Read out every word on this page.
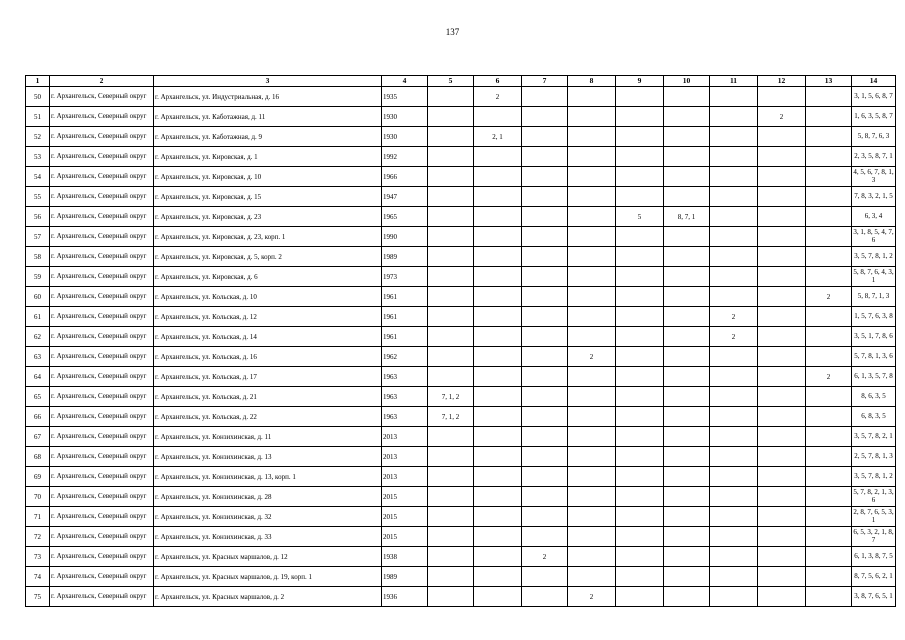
137
1	2	3	4	5	6	7	8	9	10	11	12	13	14
50	г. Архангельск, Северный округ	г. Архангельск, ул. Индустриальная, д. 16	1935		2								3, 1, 5, 6, 8, 7
51	г. Архангельск, Северный округ	г. Архангельск, ул. Каботажная, д. 11	1930								2		1, 6, 3, 5, 8, 7
52	г. Архангельск, Северный округ	г. Архангельск, ул. Каботажная, д. 9	1930		2, 1								5, 8, 7, 6, 3
53	г. Архангельск, Северный округ	г. Архангельск, ул. Кировская, д. 1	1992										2, 3, 5, 8, 7, 1
54	г. Архангельск, Северный округ	г. Архангельск, ул. Кировская, д. 10	1966										4, 5, 6, 7, 8, 1, 3
55	г. Архангельск, Северный округ	г. Архангельск, ул. Кировская, д. 15	1947										7, 8, 3, 2, 1, 5
56	г. Архангельск, Северный округ	г. Архангельск, ул. Кировская, д. 23	1965					5	8, 7, 1				6, 3, 4
57	г. Архангельск, Северный округ	г. Архангельск, ул. Кировская, д. 23, корп. 1	1990										3, 1, 8, 5, 4, 7, 6
58	г. Архангельск, Северный округ	г. Архангельск, ул. Кировская, д. 5, корп. 2	1989										3, 5, 7, 8, 1, 2
59	г. Архангельск, Северный округ	г. Архангельск, ул. Кировская, д. 6	1973										5, 8, 7, 6, 4, 3, 1
60	г. Архангельск, Северный округ	г. Архангельск, ул. Кольская, д. 10	1961									2	5, 8, 7, 1, 3
61	г. Архангельск, Северный округ	г. Архангельск, ул. Кольская, д. 12	1961							2			1, 5, 7, 6, 3, 8
62	г. Архангельск, Северный округ	г. Архангельск, ул. Кольская, д. 14	1961							2			3, 5, 1, 7, 8, 6
63	г. Архангельск, Северный округ	г. Архангельск, ул. Кольская, д. 16	1962				2						5, 7, 8, 1, 3, 6
64	г. Архангельск, Северный округ	г. Архангельск, ул. Кольская, д. 17	1963									2	6, 1, 3, 5, 7, 8
65	г. Архангельск, Северный округ	г. Архангельск, ул. Кольская, д. 21	1963	7, 1, 2									8, 6, 3, 5
66	г. Архангельск, Северный округ	г. Архангельск, ул. Кольская, д. 22	1963	7, 1, 2									6, 8, 3, 5
67	г. Архангельск, Северный округ	г. Архангельск, ул. Конзихинская, д. 11	2013										3, 5, 7, 8, 2, 1
68	г. Архангельск, Северный округ	г. Архангельск, ул. Конзихинская, д. 13	2013										2, 5, 7, 8, 1, 3
69	г. Архангельск, Северный округ	г. Архангельск, ул. Конзихинская, д. 13, корп. 1	2013										3, 5, 7, 8, 1, 2
70	г. Архангельск, Северный округ	г. Архангельск, ул. Конзихинская, д. 28	2015										5, 7, 8, 2, 1, 3, 6
71	г. Архангельск, Северный округ	г. Архангельск, ул. Конзихинская, д. 32	2015										2, 8, 7, 6, 5, 3, 1
72	г. Архангельск, Северный округ	г. Архангельск, ул. Конзихинская, д. 33	2015										6, 5, 3, 2, 1, 8, 7
73	г. Архангельск, Северный округ	г. Архангельск, ул. Красных маршалов, д. 12	1938			2							6, 1, 3, 8, 7, 5
74	г. Архангельск, Северный округ	г. Архангельск, ул. Красных маршалов, д. 19, корп. 1	1989										8, 7, 5, 6, 2, 1
75	г. Архангельск, Северный округ	г. Архангельск, ул. Красных маршалов, д. 2	1936				2						3, 8, 7, 6, 5, 1
